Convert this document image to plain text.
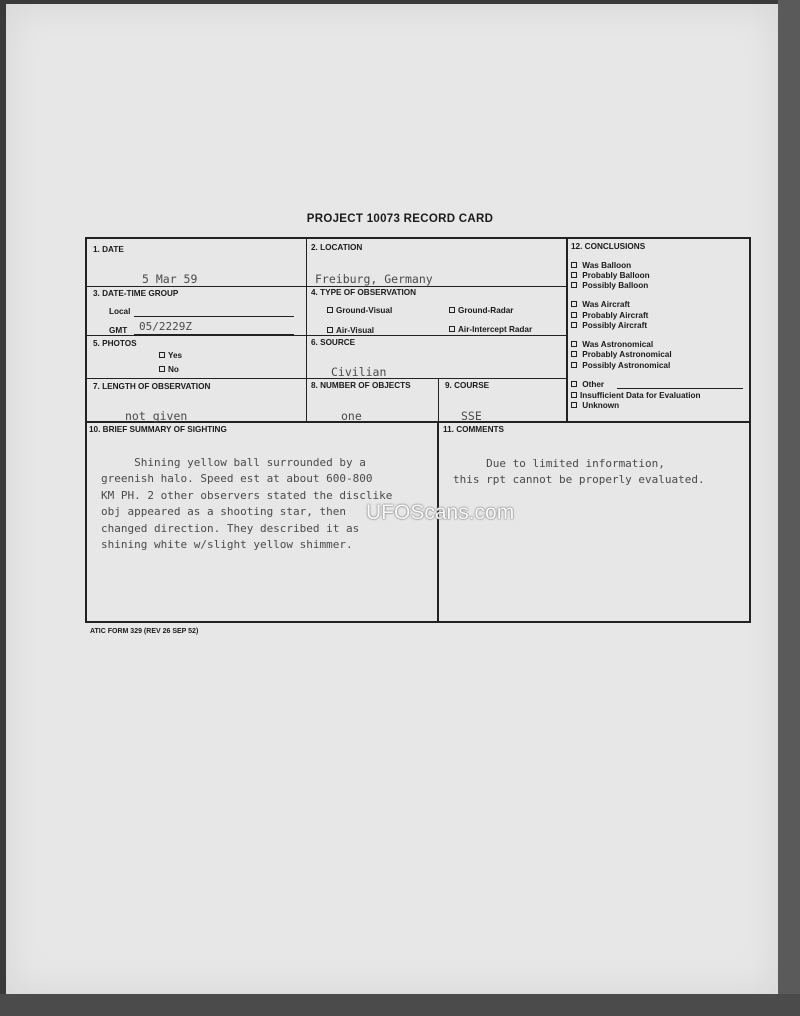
PROJECT 10073 RECORD CARD
1. DATE
5 Mar 59
2. LOCATION
Freiburg, Germany
3. DATE-TIME GROUP
Local
GMT 05/2229Z
4. TYPE OF OBSERVATION
Ground-Visual	Ground-Radar
Air-Visual	Air-Intercept Radar
5. PHOTOS
Yes
No
6. SOURCE
Civilian
7. LENGTH OF OBSERVATION
not given
8. NUMBER OF OBJECTS
one
9. COURSE
SSE
10. BRIEF SUMMARY OF SIGHTING

Shining yellow ball surrounded by a
greenish halo. Speed est at about 600-800
KM PH. 2 other observers stated the disclike
obj appeared as a shooting star, then
changed direction. They described it as
shining white w/slight yellow shimmer.

11. COMMENTS

Due to limited information,
this rpt cannot be properly evaluated.

12. CONCLUSIONS
Was Balloon
Probably Balloon
Possibly Balloon
Was Aircraft
Probably Aircraft
Possibly Aircraft
Was Astronomical
Probably Astronomical
Possibly Astronomical
Other
Insufficient Data for Evaluation
Unknown
UFOScans.com
ATIC FORM 329 (REV 26 SEP 52)
